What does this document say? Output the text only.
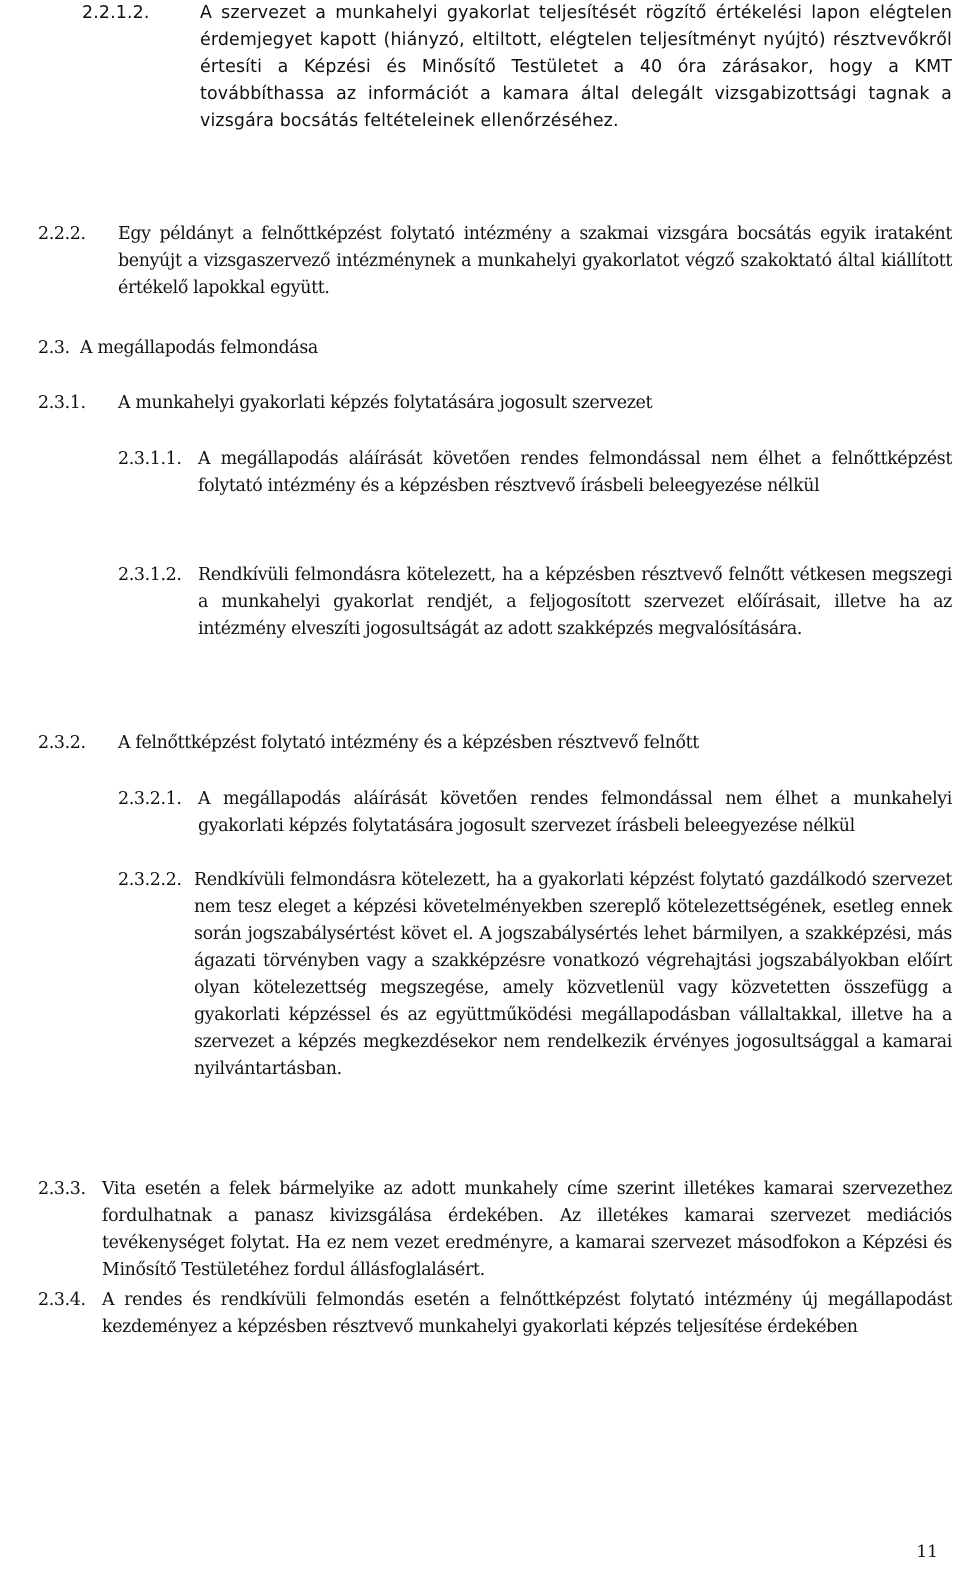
2.2.1.2.	A szervezet a munkahelyi gyakorlat teljesítését rögzítő értékelési lapon elégtelen érdemjegyet kapott (hiányzó, eltiltott, elégtelen teljesítményt nyújtó) résztvevőkről értesíti a Képzési és Minősítő Testületet a 40 óra zárásakor, hogy a KMT továbbíthassa az információt a kamara által delegált vizsgabizottsági tagnak a vizsgára bocsátás feltételeinek ellenőrzéséhez.
2.2.2.	Egy példányt a felnőttképzést folytató intézmény a szakmai vizsgára bocsátás egyik irataként benyújt a vizsgaszervező intézménynek a munkahelyi gyakorlatot végző szakoktató által kiállított értékelő lapokkal együtt.
2.3. A megállapodás felmondása
2.3.1.	A munkahelyi gyakorlati képzés folytatására jogosult szervezet
2.3.1.1. A megállapodás aláírását követően rendes felmondással nem élhet a felnőttképzést folytató intézmény és a képzésben résztvevő írásbeli beleegyezése nélkül
2.3.1.2. Rendkívüli felmondásra kötelezett, ha a képzésben résztvevő felnőtt vétkesen megszegi a munkahelyi gyakorlat rendjét, a feljogosított szervezet előírásait, illetve ha az intézmény elveszíti jogosultságát az adott szakképzés megvalósítására.
2.3.2.	A felnőttképzést folytató intézmény és a képzésben résztvevő felnőtt
2.3.2.1. A megállapodás aláírását követően rendes felmondással nem élhet a munkahelyi gyakorlati képzés folytatására jogosult szervezet írásbeli beleegyezése nélkül
2.3.2.2. Rendkívüli felmondásra kötelezett, ha a gyakorlati képzést folytató gazdálkodó szervezet nem tesz eleget a képzési követelményekben szereplő kötelezettségének, esetleg ennek során jogszabálysértést követ el. A jogszabálysértés lehet bármilyen, a szakképzési, más ágazati törvényben vagy a szakképzésre vonatkozó végrehajtási jogszabályokban előírt olyan kötelezettség megszegése, amely közvetlenül vagy közvetetten összefügg a gyakorlati képzéssel és az együttműködési megállapodásban vállaltakkal, illetve ha a szervezet a képzés megkezdésekor nem rendelkezik érvényes jogosultsággal a kamarai nyilvántartásban.
2.3.3. Vita esetén a felek bármelyike az adott munkahely címe szerint illetékes kamarai szervezethez fordulhatnak a panasz kivizsgálása érdekében. Az illetékes kamarai szervezet mediációs tevékenységet folytat. Ha ez nem vezet eredményre, a kamarai szervezet másodfokon a Képzési és Minősítő Testületéhez fordul állásfoglalásért.
2.3.4. A rendes és rendkívüli felmondás esetén a felnőttképzést folytató intézmény új megállapodást kezdeményez a képzésben résztvevő munkahelyi gyakorlati képzés teljesítése érdekében
11
